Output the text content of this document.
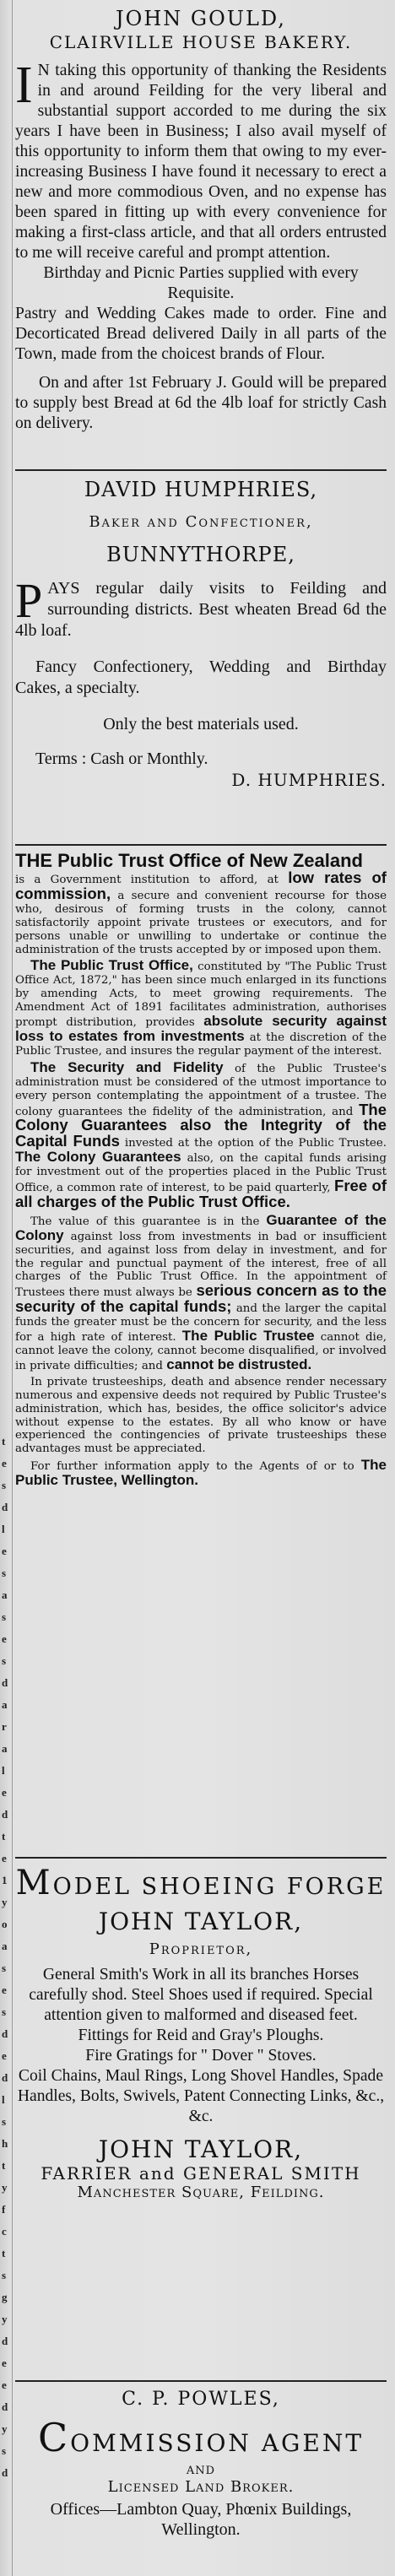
t
e
s
d
l
e
s
a
s
e
s
d
a
r
a
l
e
d
t
e
1
y
o
a
s
e
s
d
e
d
l
s
h
t
y
f
c
t
s
g
y
d
e
e
d
y
s
d
JOHN GOULD,
CLAIRVILLE HOUSE BAKERY.
I N taking this opportunity of thanking the Residents in and around Feilding for the very liberal and substantial support accorded to me during the six years I have been in Business; I also avail myself of this opportunity to inform them that owing to my ever-increasing Business I have found it necessary to erect a new and more commodious Oven, and no expense has been spared in fitting up with every convenience for making a first-class article, and that all orders entrusted to me will receive careful and prompt attention.
Birthday and Picnic Parties supplied with every Requisite.
Pastry and Wedding Cakes made to order. Fine and Decorticated Bread delivered Daily in all parts of the Town, made from the choicest brands of Flour.
On and after 1st February J. Gould will be prepared to supply best Bread at 6d the 4lb loaf for strictly Cash on delivery.
DAVID HUMPHRIES,
Baker and Confectioner,
BUNNYTHORPE,
PAYS regular daily visits to Feilding and surrounding districts. Best wheaten Bread 6d the 4lb loaf.
Fancy Confectionery, Wedding and Birthday Cakes, a specialty.
Only the best materials used.
Terms : Cash or Monthly.
D. HUMPHRIES.
THE Public Trust Office of New Zealand
is a Government institution to afford, at low rates of commission, a secure and convenient recourse for those who, desirous of forming trusts in the colony, cannot satisfactorily appoint private trustees or executors, and for persons unable or unwilling to undertake or continue the administration of the trusts accepted by or imposed upon them.

The Public Trust Office, constituted by "The Public Trust Office Act, 1872," has been since much enlarged in its functions by amending Acts, to meet growing requirements. The Amendment Act of 1891 facilitates administration, authorises prompt distribution, provides absolute security against loss to estates from investments at the discretion of the Public Trustee, and insures the regular payment of the interest.

The Security and Fidelity of the Public Trustee's administration must be considered of the utmost importance to every person contemplating the appointment of a trustee. The colony guarantees the fidelity of the administration, and The Colony Guarantees also the Integrity of the Capital Funds invested at the option of the Public Trustee. The Colony Guarantees also, on the capital funds arising for investment out of the properties placed in the Public Trust Office, a common rate of interest, to be paid quarterly, Free of all charges of the Public Trust Office.

The value of this guarantee is in the Guarantee of the Colony against loss from investments in bad or insufficient securities, and against loss from delay in investment, and for the regular and punctual payment of the interest, free of all charges of the Public Trust Office. In the appointment of Trustees there must always be serious concern as to the security of the capital funds; and the larger the capital funds the greater must be the concern for security, and the less for a high rate of interest. The Public Trustee cannot die, cannot leave the colony, cannot become disqualified, or involved in private difficulties; and cannot be distrusted.

In private trusteeships, death and absence render necessary numerous and expensive deeds not required by Public Trustee's administration, which has, besides, the office solicitor's advice without expense to the estates. By all who know or have experienced the contingencies of private trusteeships these advantages must be appreciated.

For further information apply to the Agents of or to The Public Trustee, Wellington.

MODEL SHOEING FORGE
JOHN TAYLOR,
Proprietor,
General Smith's Work in all its branches Horses carefully shod. Steel Shoes used if required. Special attention given to malformed and diseased feet.
Fittings for Reid and Gray's Ploughs.
Fire Gratings for " Dover " Stoves.
Coil Chains, Maul Rings, Long Shovel Handles, Spade Handles, Bolts, Swivels, Patent Connecting Links, &c., &c.
JOHN TAYLOR,
FARRIER and GENERAL SMITH
Manchester Square, Feilding.
C. P. POWLES,
COMMISSION AGENT
and
Licensed Land Broker.
Offices—Lambton Quay, Phœnix Buildings, Wellington.
